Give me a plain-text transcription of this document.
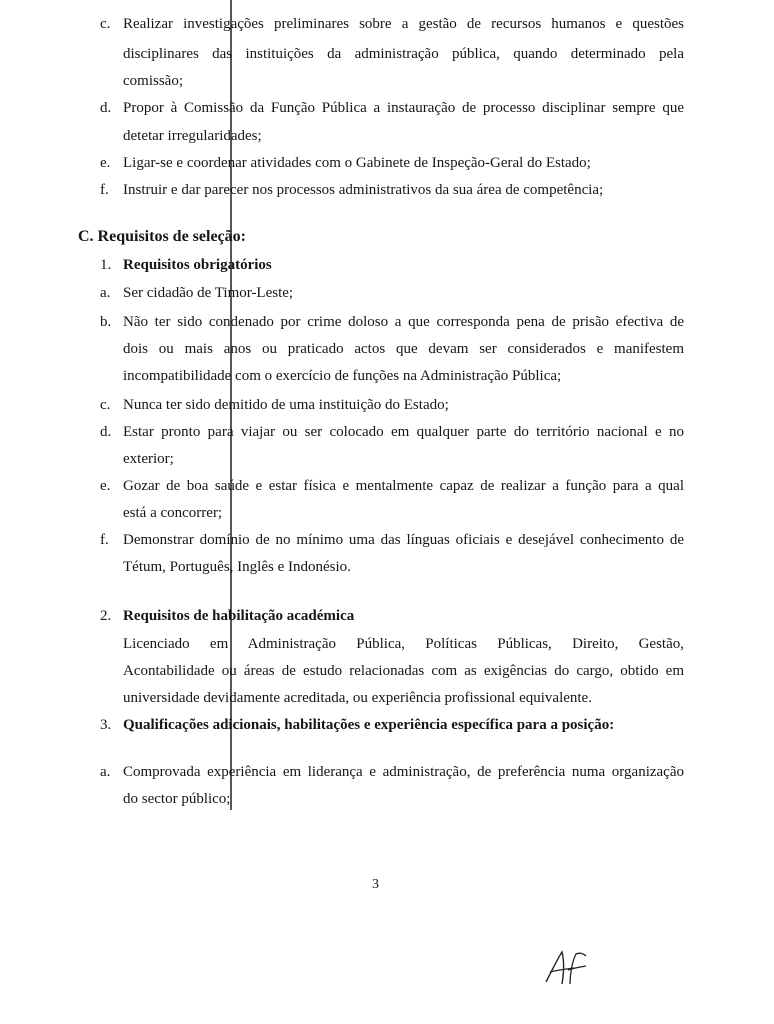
c. Realizar investigações preliminares sobre a gestão de recursos humanos e questões
disciplinares das instituições da administração pública, quando determinado pela
comissão;
d. Propor à Comissão da Função Pública a instauração de processo disciplinar sempre que
detetar irregularidades;
e. Ligar-se e coordenar atividades com o Gabinete de Inspeção-Geral do Estado;
f. Instruir e dar parecer nos processos administrativos da sua área de competência;
C. Requisitos de seleção:
1. Requisitos obrigatórios
a. Ser cidadão de Timor-Leste;
b. Não ter sido condenado por crime doloso a que corresponda pena de prisão efectiva de
dois ou mais anos ou praticado actos que devam ser considerados e manifestem
incompatibilidade com o exercício de funções na Administração Pública;
c. Nunca ter sido demitido de uma instituição do Estado;
d. Estar pronto para viajar ou ser colocado em qualquer parte do território nacional e no
exterior;
e. Gozar de boa saúde e estar física e mentalmente capaz de realizar a função para a qual
está a concorrer;
f. Demonstrar domínio de no mínimo uma das línguas oficiais e desejável conhecimento de
Tétum, Português, Inglês e Indonésio.
2. Requisitos de habilitação académica
Licenciado em Administração Pública, Políticas Públicas, Direito, Gestão,
Acontabilidade ou áreas de estudo relacionadas com as exigências do cargo, obtido em
universidade devidamente acreditada, ou experiência profissional equivalente.
3. Qualificações adicionais, habilitações e experiência específica para a posição:
a. Comprovada experiência em liderança e administração, de preferência numa organização
do sector público;
3
